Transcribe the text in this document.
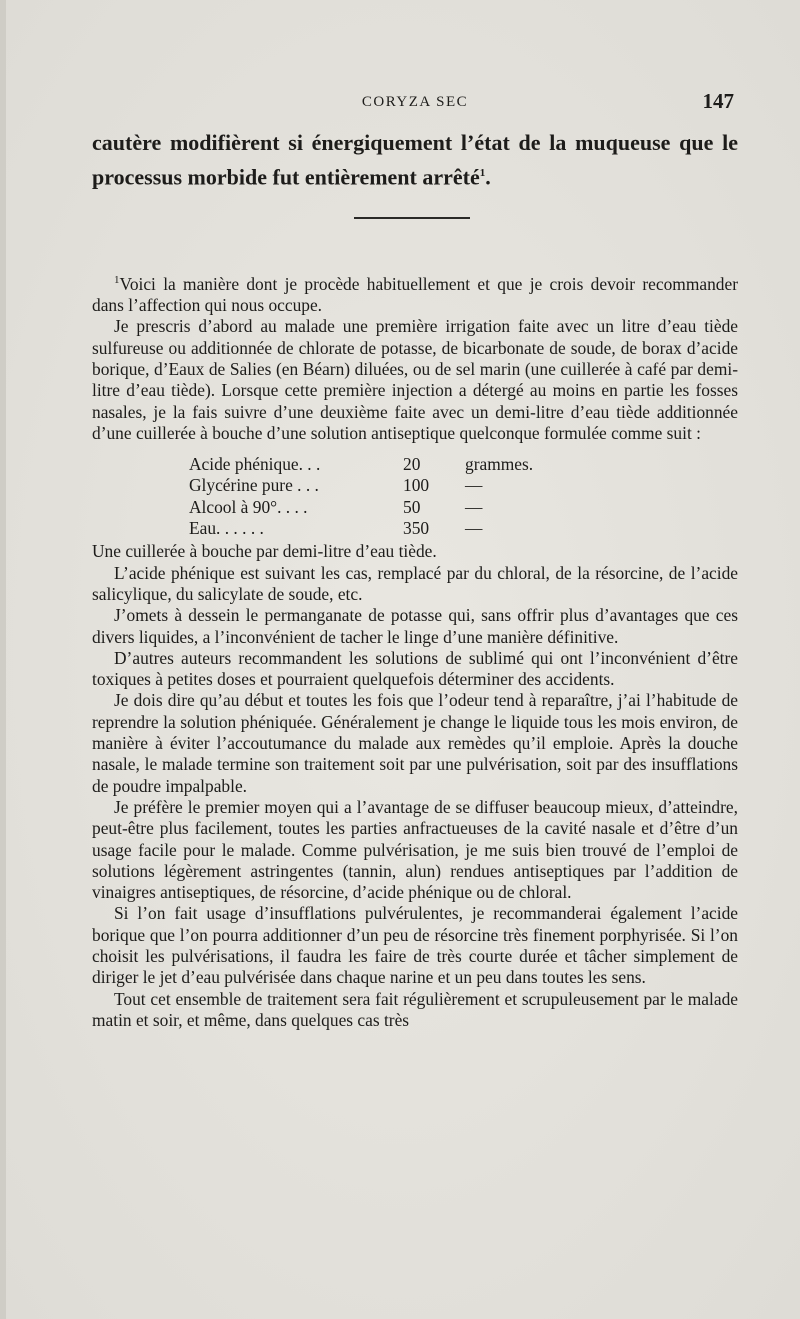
CORYZA SEC	147
cautère modifièrent si énergiquement l’état de la muqueuse que le processus morbide fut entièrement arrêté$^1$.

$^1$Voici la manière dont je procède habituellement et que je crois devoir recommander dans l’affection qui nous occupe.

Je prescris d’abord au malade une première irrigation faite avec un litre d’eau tiède sulfureuse ou additionnée de chlorate de potasse, de bicarbonate de soude, de borax d’acide borique, d’Eaux de Salies (en Béarn) diluées, ou de sel marin (une cuillerée à café par demi-litre d’eau tiède). Lorsque cette première injection a détergé au moins en partie les fosses nasales, je la fais suivre d’une deuxième faite avec un demi-litre d’eau tiède additionnée d’une cuillerée à bouche d’une solution antiseptique quelconque formulée comme suit :

Acide phénique. . .	20	grammes.
Glycérine pure . . .	100 —
Alcool à 90°. . . .	50	—
Eau. . . . . .	350 —

Une cuillerée à bouche par demi-litre d’eau tiède.

L’acide phénique est suivant les cas, remplacé par du chloral, de la résorcine, de l’acide salicylique, du salicylate de soude, etc.

J’omets à dessein le permanganate de potasse qui, sans offrir plus d’avantages que ces divers liquides, a l’inconvénient de tacher le linge d’une manière définitive.

D’autres auteurs recommandent les solutions de sublimé qui ont l’inconvénient d’être toxiques à petites doses et pourraient quelquefois déterminer des accidents.

Je dois dire qu’au début et toutes les fois que l’odeur tend à reparaître, j’ai l’habitude de reprendre la solution phéniquée. Généralement je change le liquide tous les mois environ, de manière à éviter l’accoutumance du malade aux remèdes qu’il emploie. Après la douche nasale, le malade termine son traitement soit par une pulvérisation, soit par des insufflations de poudre impalpable.

Je préfère le premier moyen qui a l’avantage de se diffuser beaucoup mieux, d’atteindre, peut-être plus facilement, toutes les parties anfractueuses de la cavité nasale et d’être d’un usage facile pour le malade. Comme pulvérisation, je me suis bien trouvé de l’emploi de solutions légèrement astringentes (tannin, alun) rendues antiseptiques par l’addition de vinaigres antiseptiques, de résorcine, d’acide phénique ou de chloral.

Si l’on fait usage d’insufflations pulvérulentes, je recommanderai également l’acide borique que l’on pourra additionner d’un peu de résorcine très finement porphyrisée. Si l’on choisit les pulvérisations, il faudra les faire de très courte durée et tâcher simplement de diriger le jet d’eau pulvérisée dans chaque narine et un peu dans toutes les sens.

Tout cet ensemble de traitement sera fait régulièrement et scrupuleusement par le malade matin et soir, et même, dans quelques cas très
